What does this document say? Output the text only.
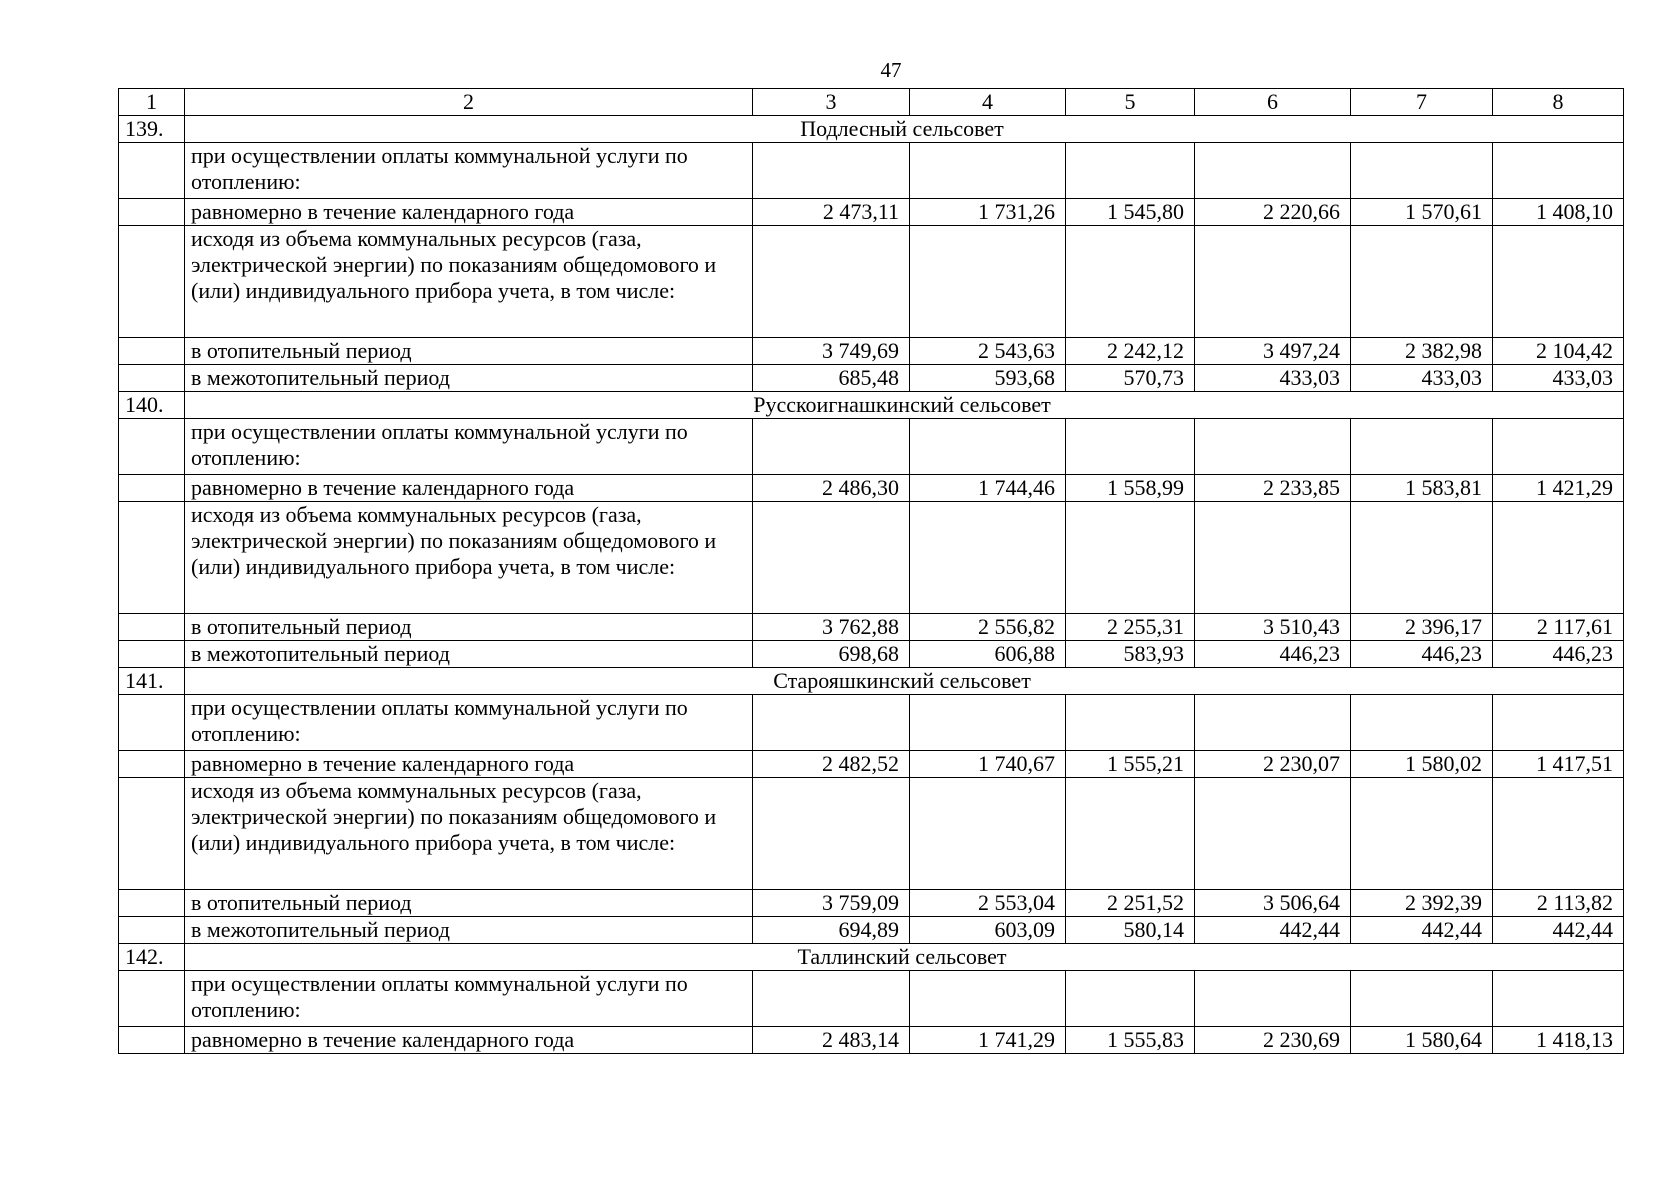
47
1	2	3	4	5	6	7	8
139.	Подлесный сельсовет						
	при осуществлении оплаты коммунальной услуги по отоплению:						
	равномерно в течение календарного года	2 473,11	1 731,26	1 545,80	2 220,66	1 570,61	1 408,10
	исходя из объема коммунальных ресурсов (газа, электрической энергии) по показаниям общедомового и (или) индивидуального прибора учета, в том числе:						
	в отопительный период	3 749,69	2 543,63	2 242,12	3 497,24	2 382,98	2 104,42
	в межотопительный период	685,48	593,68	570,73	433,03	433,03	433,03
140.	Русскоигнашкинский сельсовет						
	при осуществлении оплаты коммунальной услуги по отоплению:						
	равномерно в течение календарного года	2 486,30	1 744,46	1 558,99	2 233,85	1 583,81	1 421,29
	исходя из объема коммунальных ресурсов (газа, электрической энергии) по показаниям общедомового и (или) индивидуального прибора учета, в том числе:						
	в отопительный период	3 762,88	2 556,82	2 255,31	3 510,43	2 396,17	2 117,61
	в межотопительный период	698,68	606,88	583,93	446,23	446,23	446,23
141.	Старояшкинский сельсовет						
	при осуществлении оплаты коммунальной услуги по отоплению:						
	равномерно в течение календарного года	2 482,52	1 740,67	1 555,21	2 230,07	1 580,02	1 417,51
	исходя из объема коммунальных ресурсов (газа, электрической энергии) по показаниям общедомового и (или) индивидуального прибора учета, в том числе:						
	в отопительный период	3 759,09	2 553,04	2 251,52	3 506,64	2 392,39	2 113,82
	в межотопительный период	694,89	603,09	580,14	442,44	442,44	442,44
142.	Таллинский сельсовет						
	при осуществлении оплаты коммунальной услуги по отоплению:						
	равномерно в течение календарного года	2 483,14	1 741,29	1 555,83	2 230,69	1 580,64	1 418,13
